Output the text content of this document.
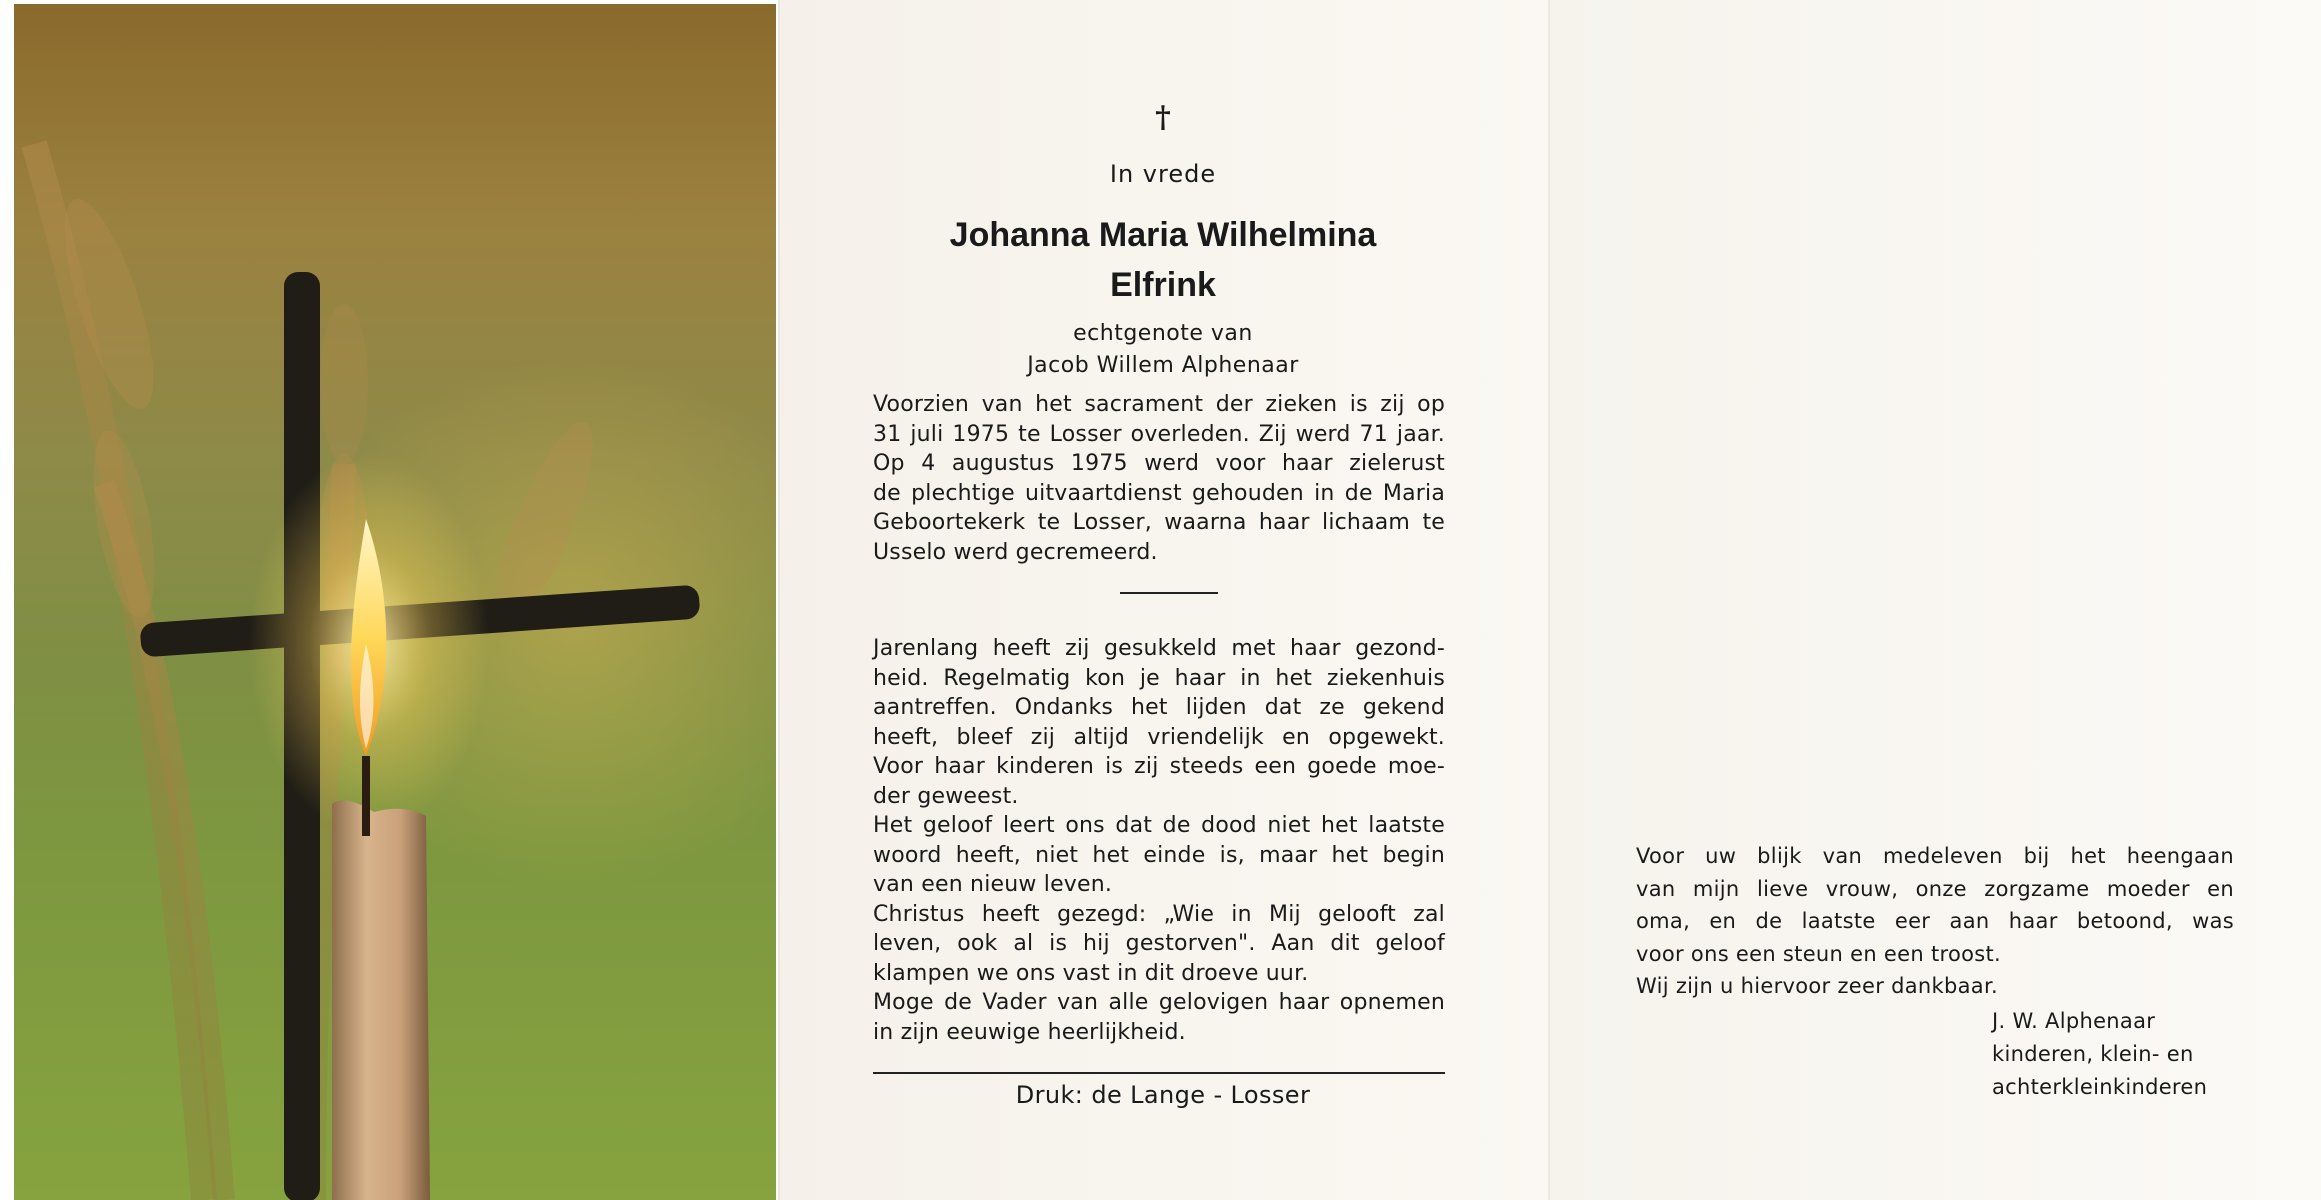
†
In vrede
Johanna Maria Wilhelmina
Elfrink
echtgenote van
Jacob Willem Alphenaar
Voorzien van het sacrament der zieken is zij op
31 juli 1975 te Losser overleden. Zij werd 71 jaar.
Op 4 augustus 1975 werd voor haar zielerust
de plechtige uitvaartdienst gehouden in de Maria
Geboortekerk te Losser, waarna haar lichaam te
Usselo werd gecremeerd.
Jarenlang heeft zij gesukkeld met haar gezond-
heid. Regelmatig kon je haar in het ziekenhuis
aantreffen. Ondanks het lijden dat ze gekend
heeft, bleef zij altijd vriendelijk en opgewekt.
Voor haar kinderen is zij steeds een goede moe-
der geweest.
Het geloof leert ons dat de dood niet het laatste
woord heeft, niet het einde is, maar het begin
van een nieuw leven.
Christus heeft gezegd: „Wie in Mij gelooft zal
leven, ook al is hij gestorven". Aan dit geloof
klampen we ons vast in dit droeve uur.
Moge de Vader van alle gelovigen haar opnemen
in zijn eeuwige heerlijkheid.
Druk: de Lange - Losser
Voor uw blijk van medeleven bij het heengaan
van mijn lieve vrouw, onze zorgzame moeder en
oma, en de laatste eer aan haar betoond, was
voor ons een steun en een troost.
Wij zijn u hiervoor zeer dankbaar.
J. W. Alphenaar
kinderen, klein- en
achterkleinkinderen
